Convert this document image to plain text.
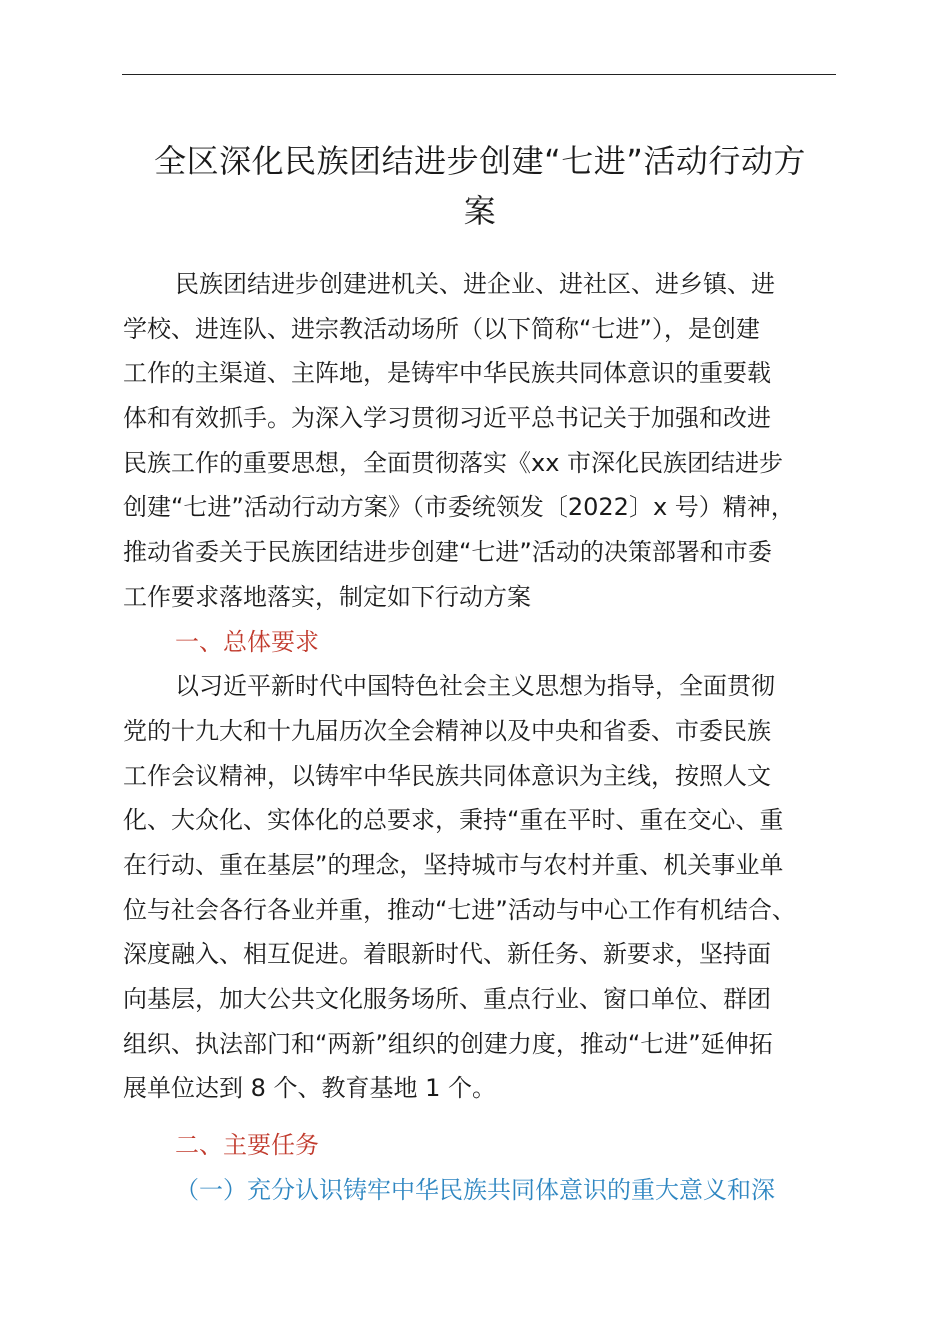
全区深化民族团结进步创建“七进”活动行动方
案
民族团结进步创建进机关、进企业、进社区、进乡镇、进
学校、进连队、进宗教活动场所（以下简称“七进”），是创建
工作的主渠道、主阵地，是铸牢中华民族共同体意识的重要载
体和有效抓手。为深入学习贯彻习近平总书记关于加强和改进
民族工作的重要思想，全面贯彻落实《xx 市深化民族团结进步
创建“七进”活动行动方案》（市委统领发〔2022〕x 号）精神，
推动省委关于民族团结进步创建“七进”活动的决策部署和市委
工作要求落地落实，制定如下行动方案
一、总体要求
以习近平新时代中国特色社会主义思想为指导，全面贯彻
党的十九大和十九届历次全会精神以及中央和省委、市委民族
工作会议精神，以铸牢中华民族共同体意识为主线，按照人文
化、大众化、实体化的总要求，秉持“重在平时、重在交心、重
在行动、重在基层”的理念，坚持城市与农村并重、机关事业单
位与社会各行各业并重，推动“七进”活动与中心工作有机结合、
深度融入、相互促进。着眼新时代、新任务、新要求，坚持面
向基层，加大公共文化服务场所、重点行业、窗口单位、群团
组织、执法部门和“两新”组织的创建力度，推动“七进”延伸拓
展单位达到 8 个、教育基地 1 个。
二、主要任务
（一）充分认识铸牢中华民族共同体意识的重大意义和深
